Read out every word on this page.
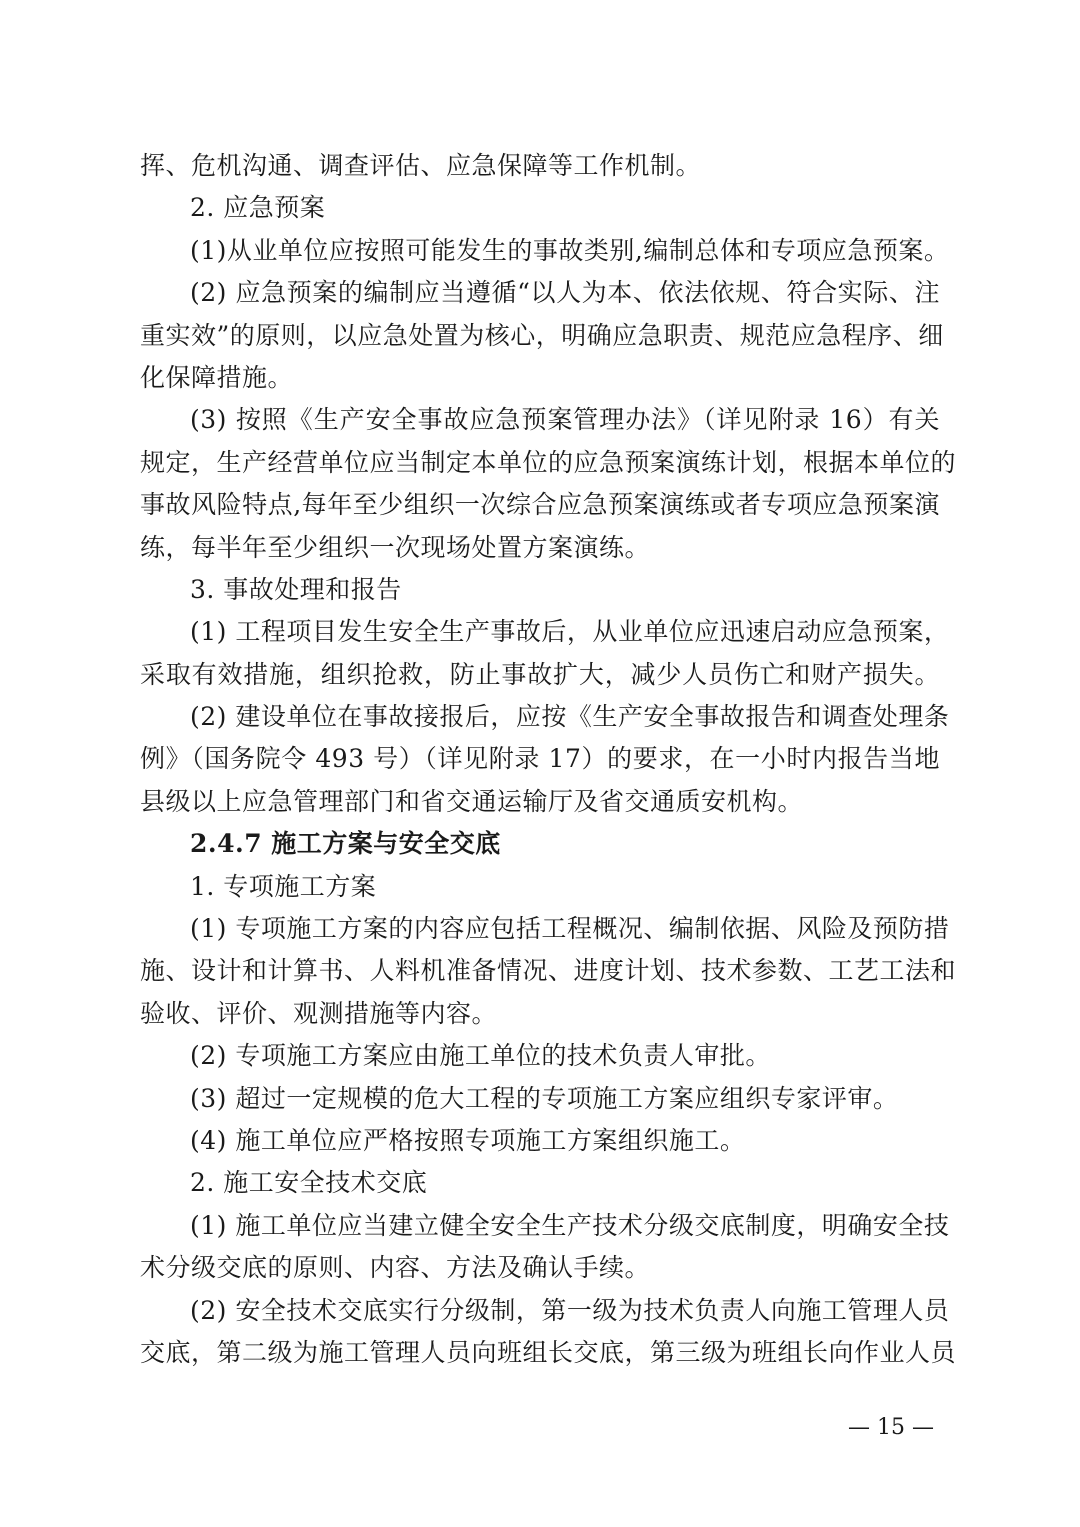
挥、危机沟通、调查评估、应急保障等工作机制。
2. 应急预案
(1)从业单位应按照可能发生的事故类别,编制总体和专项应急预案。
(2) 应急预案的编制应当遵循“以人为本、依法依规、符合实际、注
重实效”的原则，以应急处置为核心，明确应急职责、规范应急程序、细
化保障措施。
(3) 按照《生产安全事故应急预案管理办法》（详见附录 16）有关
规定，生产经营单位应当制定本单位的应急预案演练计划，根据本单位的
事故风险特点,每年至少组织一次综合应急预案演练或者专项应急预案演
练，每半年至少组织一次现场处置方案演练。
3. 事故处理和报告
(1) 工程项目发生安全生产事故后，从业单位应迅速启动应急预案，
采取有效措施，组织抢救，防止事故扩大，减少人员伤亡和财产损失。
(2) 建设单位在事故接报后，应按《生产安全事故报告和调查处理条
例》（国务院令 493 号）（详见附录 17）的要求，在一小时内报告当地
县级以上应急管理部门和省交通运输厅及省交通质安机构。
2.4.7 施工方案与安全交底
1. 专项施工方案
(1) 专项施工方案的内容应包括工程概况、编制依据、风险及预防措
施、设计和计算书、人料机准备情况、进度计划、技术参数、工艺工法和
验收、评价、观测措施等内容。
(2) 专项施工方案应由施工单位的技术负责人审批。
(3) 超过一定规模的危大工程的专项施工方案应组织专家评审。
(4) 施工单位应严格按照专项施工方案组织施工。
2. 施工安全技术交底
(1) 施工单位应当建立健全安全生产技术分级交底制度，明确安全技
术分级交底的原则、内容、方法及确认手续。
(2) 安全技术交底实行分级制，第一级为技术负责人向施工管理人员
交底，第二级为施工管理人员向班组长交底，第三级为班组长向作业人员
— 15 —
